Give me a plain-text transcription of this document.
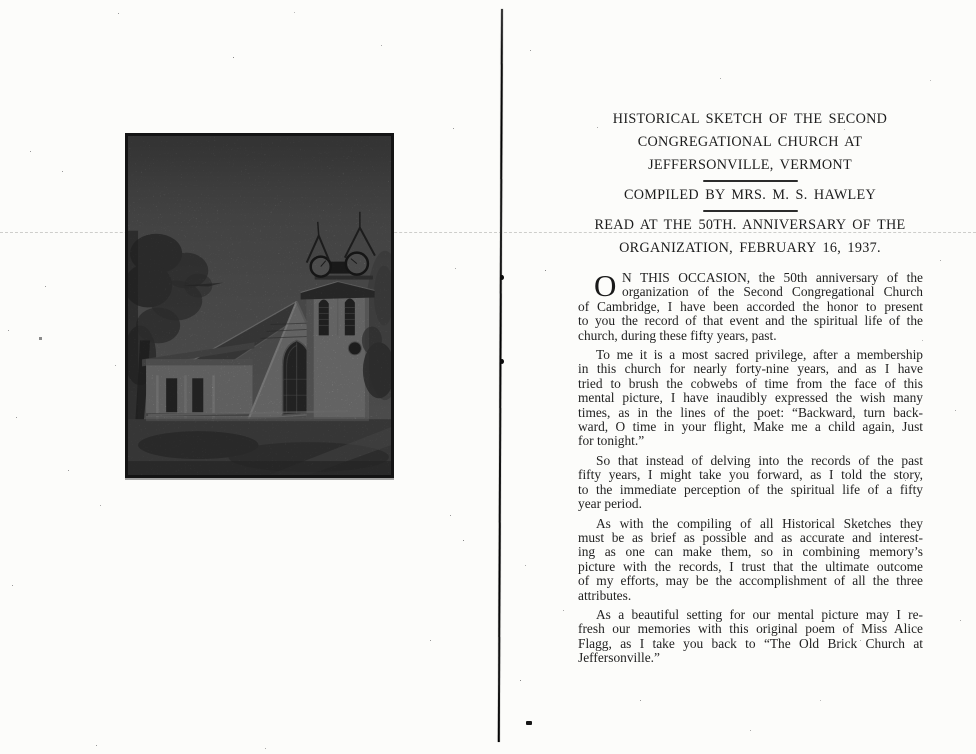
HISTORICAL SKETCH OF THE SECOND
CONGREGATIONAL CHURCH AT
JEFFERSONVILLE, VERMONT
COMPILED BY MRS. M. S. HAWLEY
READ AT THE 50TH. ANNIVERSARY OF THE
ORGANIZATION, FEBRUARY 16, 1937.
O N THIS OCCASION, the 50th anniversary of the
organization of the Second Congregational Church
of Cambridge, I have been accorded the honor to present
to you the record of that event and the spiritual life of the
church, during these fifty years, past.
To me it is a most sacred privilege, after a membership
in this church for nearly forty-nine years, and as I have
tried to brush the cobwebs of time from the face of this
mental picture, I have inaudibly expressed the wish many
times, as in the lines of the poet: “Backward, turn back-
ward, O time in your flight, Make me a child again, Just
for tonight.”
So that instead of delving into the records of the past
fifty years, I might take you forward, as I told the story,
to the immediate perception of the spiritual life of a fifty
year period.
As with the compiling of all Historical Sketches they
must be as brief as possible and as accurate and interest-
ing as one can make them, so in combining memory’s
picture with the records, I trust that the ultimate outcome
of my efforts, may be the accomplishment of all the three
attributes.
As a beautiful setting for our mental picture may I re-
fresh our memories with this original poem of Miss Alice
Flagg, as I take you back to “The Old Brick Church at
Jeffersonville.”
